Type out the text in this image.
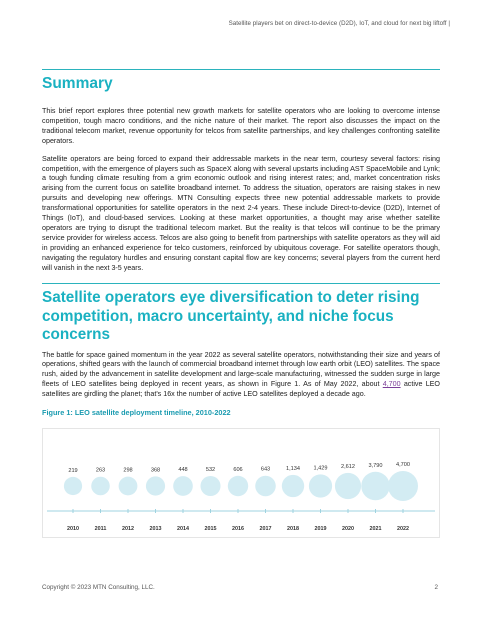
Satellite players bet on direct-to-device (D2D), IoT, and cloud for next big liftoff |
Summary

This brief report explores three potential new growth markets for satellite operators who are looking to overcome intense competition, tough macro conditions, and the niche nature of their market. The report also discusses the impact on the traditional telecom market, revenue opportunity for telcos from satellite partnerships, and key challenges confronting satellite operators.

Satellite operators are being forced to expand their addressable markets in the near term, courtesy several factors: rising competition, with the emergence of players such as SpaceX along with several upstarts including AST SpaceMobile and Lynk; a tough funding climate resulting from a grim economic outlook and rising interest rates; and, market concentration risks arising from the current focus on satellite broadband internet. To address the situation, operators are raising stakes in new pursuits and developing new offerings. MTN Consulting expects three new potential addressable markets to provide transformational opportunities for satellite operators in the next 2-4 years. These include Direct-to-device (D2D), Internet of Things (IoT), and cloud-based services. Looking at these market opportunities, a thought may arise whether satellite operators are trying to disrupt the traditional telecom market. But the reality is that telcos will continue to be the primary service provider for wireless access. Telcos are also going to benefit from partnerships with satellite operators as they will aid in providing an enhanced experience for telco customers, reinforced by ubiquitous coverage. For satellite operators though, navigating the regulatory hurdles and ensuring constant capital flow are key concerns; several players from the current herd will vanish in the next 3-5 years.

Satellite operators eye diversification to deter rising competition, macro uncertainty, and niche focus concerns

The battle for space gained momentum in the year 2022 as several satellite operators, notwithstanding their size and years of operations, shifted gears with the launch of commercial broadband internet through low earth orbit (LEO) satellites. The space rush, aided by the advancement in satellite development and large-scale manufacturing, witnessed the sudden surge in large fleets of LEO satellites being deployed in recent years, as shown in Figure 1. As of May 2022, about 4,700 active LEO satellites are girdling the planet; that's 16x the number of active LEO satellites deployed a decade ago.

Figure 1: LEO satellite deployment timeline, 2010-2022
219
2010
263
2011
298
2012
368
2013
448
2014
532
2015
606
2016
643
2017
1,134
2018
1,429
2019
2,612
2020
3,790
2021
4,700
2022
Copyright © 2023 MTN Consulting, LLC.	2
